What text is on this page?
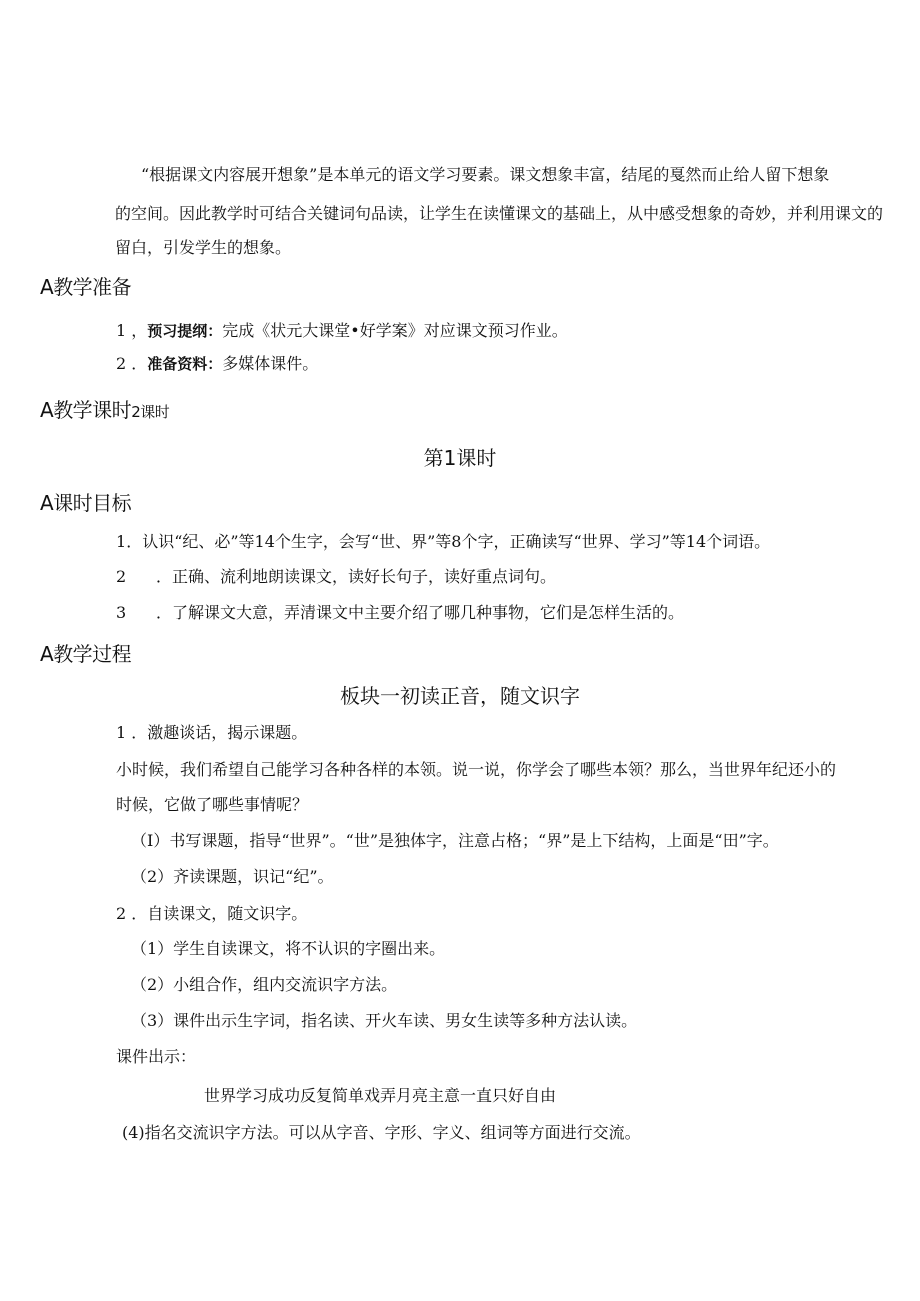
“根据课文内容展开想象”是本单元的语文学习要素。课文想象丰富，结尾的戛然而止给人留下想象
的空间。因此教学时可结合关键词句品读，让学生在读懂课文的基础上，从中感受想象的奇妙，并利用课文的
留白，引发学生的想象。
A教学准备
1 ，预习提纲：完成《状元大课堂•好学案》对应课文预习作业。
2 ．准备资料：多媒体课件。
A教学课时2课时
第1课时
A课时目标
1．认识“纪、必”等14个生字，会写“世、界”等8个字，正确读写“世界、学习”等14个词语。
2 ．正确、流利地朗读课文，读好长句子，读好重点词句。
3 ．了解课文大意，弄清课文中主要介绍了哪几种事物，它们是怎样生活的。
A教学过程
板块一初读正音，随文识字
1 ．激趣谈话，揭示课题。
小时候，我们希望自己能学习各种各样的本领。说一说，你学会了哪些本领？那么，当世界年纪还小的
时候，它做了哪些事情呢？
（I）书写课题，指导“世界”。“世”是独体字，注意占格；“界”是上下结构，上面是“田”字。
（2）齐读课题，识记“纪”。
2 ．自读课文，随文识字。
（1）学生自读课文，将不认识的字圈出来。
（2）小组合作，组内交流识字方法。
（3）课件出示生字词，指名读、开火车读、男女生读等多种方法认读。
课件出示：
世界学习成功反复简单戏弄月亮主意一直只好自由
(4)指名交流识字方法。可以从字音、字形、字义、组词等方面进行交流。
